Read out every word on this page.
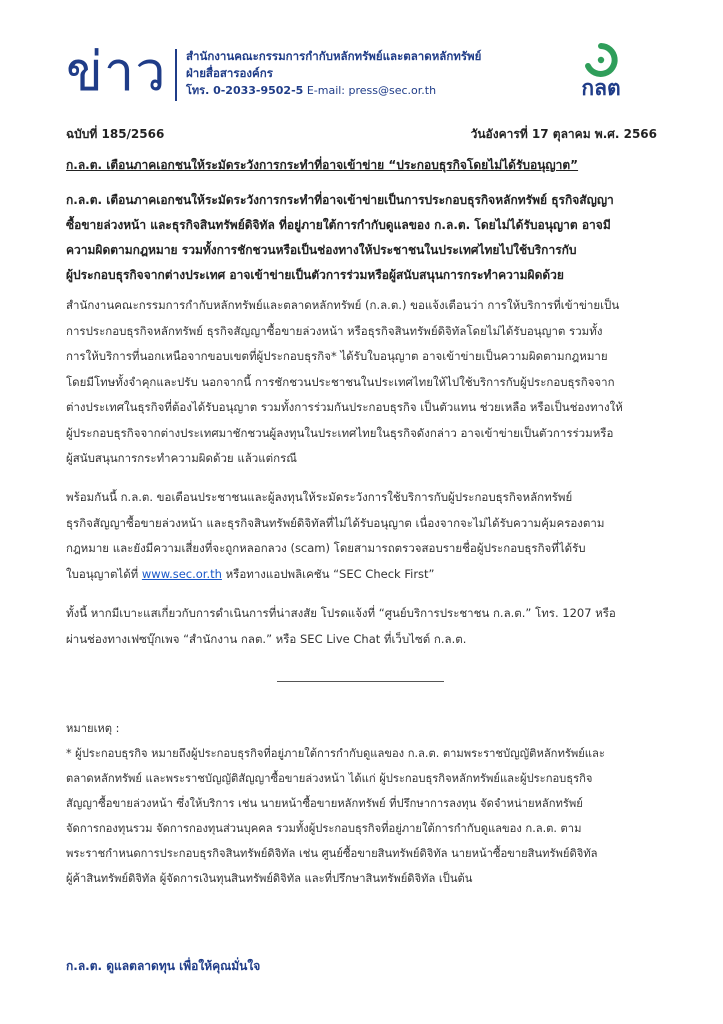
ข่าว สำนักงานคณะกรรมการกำกับหลักทรัพย์และตลาดหลักทรัพย์
ฝ่ายสื่อสารองค์กร
โทร. 0-2033-9502-5 E-mail: press@sec.or.th	กลต
ฉบับที่ 185/2566	วันอังคารที่ 17 ตุลาคม พ.ศ. 2566
ก.ล.ต. เตือนภาคเอกชนให้ระมัดระวังการกระทำที่อาจเข้าข่าย “ประกอบธุรกิจโดยไม่ได้รับอนุญาต”
ก.ล.ต. เตือนภาคเอกชนให้ระมัดระวังการกระทำที่อาจเข้าข่ายเป็นการประกอบธุรกิจหลักทรัพย์ ธุรกิจสัญญา
ซื้อขายล่วงหน้า และธุรกิจสินทรัพย์ดิจิทัล ที่อยู่ภายใต้การกำกับดูแลของ ก.ล.ต. โดยไม่ได้รับอนุญาต อาจมี
ความผิดตามกฎหมาย รวมทั้งการชักชวนหรือเป็นช่องทางให้ประชาชนในประเทศไทยไปใช้บริการกับ
ผู้ประกอบธุรกิจจากต่างประเทศ อาจเข้าข่ายเป็นตัวการร่วมหรือผู้สนับสนุนการกระทำความผิดด้วย
สำนักงานคณะกรรมการกำกับหลักทรัพย์และตลาดหลักทรัพย์ (ก.ล.ต.) ขอแจ้งเตือนว่า การให้บริการที่เข้าข่ายเป็น
การประกอบธุรกิจหลักทรัพย์ ธุรกิจสัญญาซื้อขายล่วงหน้า หรือธุรกิจสินทรัพย์ดิจิทัลโดยไม่ได้รับอนุญาต รวมทั้ง
การให้บริการที่นอกเหนือจากขอบเขตที่ผู้ประกอบธุรกิจ* ได้รับใบอนุญาต อาจเข้าข่ายเป็นความผิดตามกฎหมาย
โดยมีโทษทั้งจำคุกและปรับ นอกจากนี้ การชักชวนประชาชนในประเทศไทยให้ไปใช้บริการกับผู้ประกอบธุรกิจจาก
ต่างประเทศในธุรกิจที่ต้องได้รับอนุญาต รวมทั้งการร่วมกันประกอบธุรกิจ เป็นตัวแทน ช่วยเหลือ หรือเป็นช่องทางให้
ผู้ประกอบธุรกิจจากต่างประเทศมาชักชวนผู้ลงทุนในประเทศไทยในธุรกิจดังกล่าว อาจเข้าข่ายเป็นตัวการร่วมหรือ
ผู้สนับสนุนการกระทำความผิดด้วย แล้วแต่กรณี
พร้อมกันนี้ ก.ล.ต. ขอเตือนประชาชนและผู้ลงทุนให้ระมัดระวังการใช้บริการกับผู้ประกอบธุรกิจหลักทรัพย์
ธุรกิจสัญญาซื้อขายล่วงหน้า และธุรกิจสินทรัพย์ดิจิทัลที่ไม่ได้รับอนุญาต เนื่องจากจะไม่ได้รับความคุ้มครองตาม
กฎหมาย และยังมีความเสี่ยงที่จะถูกหลอกลวง (scam) โดยสามารถตรวจสอบรายชื่อผู้ประกอบธุรกิจที่ได้รับ
ใบอนุญาตได้ที่ www.sec.or.th หรือทางแอปพลิเคชัน “SEC Check First”
ทั้งนี้ หากมีเบาะแสเกี่ยวกับการดำเนินการที่น่าสงสัย โปรดแจ้งที่ “ศูนย์บริการประชาชน ก.ล.ต.” โทร. 1207 หรือ
ผ่านช่องทางเฟซบุ๊กเพจ “สำนักงาน กลต.” หรือ SEC Live Chat ที่เว็บไซต์ ก.ล.ต.
หมายเหตุ :
* ผู้ประกอบธุรกิจ หมายถึงผู้ประกอบธุรกิจที่อยู่ภายใต้การกำกับดูแลของ ก.ล.ต. ตามพระราชบัญญัติหลักทรัพย์และ
ตลาดหลักทรัพย์ และพระราชบัญญัติสัญญาซื้อขายล่วงหน้า ได้แก่ ผู้ประกอบธุรกิจหลักทรัพย์และผู้ประกอบธุรกิจ
สัญญาซื้อขายล่วงหน้า ซึ่งให้บริการ เช่น นายหน้าซื้อขายหลักทรัพย์ ที่ปรึกษาการลงทุน จัดจำหน่ายหลักทรัพย์
จัดการกองทุนรวม จัดการกองทุนส่วนบุคคล รวมทั้งผู้ประกอบธุรกิจที่อยู่ภายใต้การกำกับดูแลของ ก.ล.ต. ตาม
พระราชกำหนดการประกอบธุรกิจสินทรัพย์ดิจิทัล เช่น ศูนย์ซื้อขายสินทรัพย์ดิจิทัล นายหน้าซื้อขายสินทรัพย์ดิจิทัล
ผู้ค้าสินทรัพย์ดิจิทัล ผู้จัดการเงินทุนสินทรัพย์ดิจิทัล และที่ปรึกษาสินทรัพย์ดิจิทัล เป็นต้น
ก.ล.ต. ดูแลตลาดทุน เพื่อให้คุณมั่นใจ
